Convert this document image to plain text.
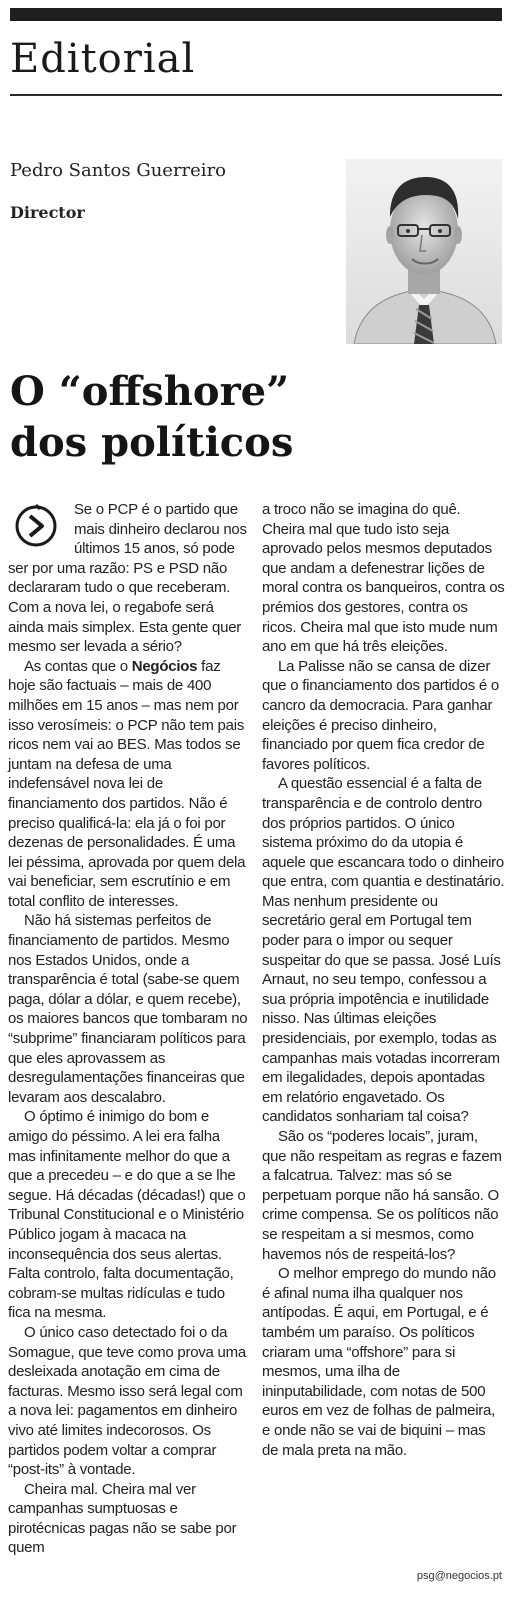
Editorial
Pedro Santos Guerreiro
Director
O “offshore”
dos políticos

Se o PCP é o partido que mais dinheiro declarou nos últimos 15 anos, só pode ser por uma razão: PS e PSD não declararam tudo o que receberam. Com a nova lei, o regabofe será ainda mais simplex. Esta gente quer mesmo ser levada a sério?

As contas que o Negócios faz hoje são factuais – mais de 400 milhões em 15 anos – mas nem por isso verosímeis: o PCP não tem pais ricos nem vai ao BES. Mas todos se juntam na defesa de uma indefensável nova lei de financiamento dos partidos. Não é preciso qualificá-la: ela já o foi por dezenas de personalidades. É uma lei péssima, aprovada por quem dela vai beneficiar, sem escrutínio e em total conflito de interesses.

Não há sistemas perfeitos de financiamento de partidos. Mesmo nos Estados Unidos, onde a transparência é total (sabe-se quem paga, dólar a dólar, e quem recebe), os maiores bancos que tombaram no “subprime” financiaram políticos para que eles aprovassem as desregulamentações financeiras que levaram aos descalabro.

O óptimo é inimigo do bom e amigo do péssimo. A lei era falha mas infinitamente melhor do que a que a precedeu – e do que a se lhe segue. Há décadas (décadas!) que o Tribunal Constitucional e o Ministério Público jogam à macaca na inconsequência dos seus alertas. Falta controlo, falta documentação, cobram-se multas ridículas e tudo fica na mesma.

O único caso detectado foi o da Somague, que teve como prova uma desleixada anotação em cima de facturas. Mesmo isso será legal com a nova lei: pagamentos em dinheiro vivo até limites indecorosos. Os partidos podem voltar a comprar “post-its” à vontade.

Cheira mal. Cheira mal ver campanhas sumptuosas e pirotécnicas pagas não se sabe por quem

a troco não se imagina do quê. Cheira mal que tudo isto seja aprovado pelos mesmos deputados que andam a defenestrar lições de moral contra os banqueiros, contra os prémios dos gestores, contra os ricos. Cheira mal que isto mude num ano em que há três eleições.

La Palisse não se cansa de dizer que o financiamento dos partidos é o cancro da democracia. Para ganhar eleições é preciso dinheiro, financiado por quem fica credor de favores políticos.

A questão essencial é a falta de transparência e de controlo dentro dos próprios partidos. O único sistema próximo do da utopia é aquele que escancara todo o dinheiro que entra, com quantia e destinatário. Mas nenhum presidente ou secretário geral em Portugal tem poder para o impor ou sequer suspeitar do que se passa. José Luís Arnaut, no seu tempo, confessou a sua própria impotência e inutilidade nisso. Nas últimas eleições presidenciais, por exemplo, todas as campanhas mais votadas incorreram em ilegalidades, depois apontadas em relatório engavetado. Os candidatos sonhariam tal coisa?

São os “poderes locais”, juram, que não respeitam as regras e fazem a falcatrua. Talvez: mas só se perpetuam porque não há sansão. O crime compensa. Se os políticos não se respeitam a si mesmos, como havemos nós de respeitá-los?

O melhor emprego do mundo não é afinal numa ilha qualquer nos antípodas. É aqui, em Portugal, e é também um paraíso. Os políticos criaram uma “offshore” para si mesmos, uma ilha de ininputabilidade, com notas de 500 euros em vez de folhas de palmeira, e onde não se vai de biquini – mas de mala preta na mão.

psg@negocios.pt
